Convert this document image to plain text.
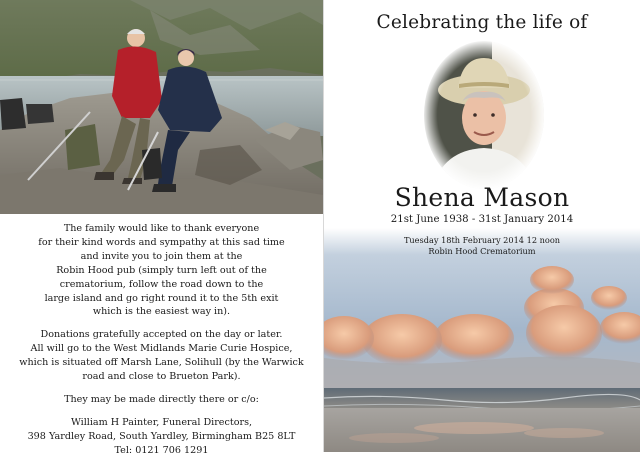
The family would like to thank everyone
for their kind words and sympathy at this sad time
and invite you to join them at the
Robin Hood pub (simply turn left out of the
crematorium, follow the road down to the
large island and go right round it to the 5th exit
which is the easiest way in).

Donations gratefully accepted on the day or later.
All will go to the West Midlands Marie Curie Hospice,
which is situated off Marsh Lane, Solihull (by the Warwick
road and close to Brueton Park).

They may be made directly there or c/o:

William H Painter, Funeral Directors,
398 Yardley Road, South Yardley, Birmingham B25 8LT
Tel: 0121 706 1291

Celebrating the life of
Shena Mason
21st June 1938 - 31st January 2014
Tuesday 18th February 2014 12 noon
Robin Hood Crematorium
